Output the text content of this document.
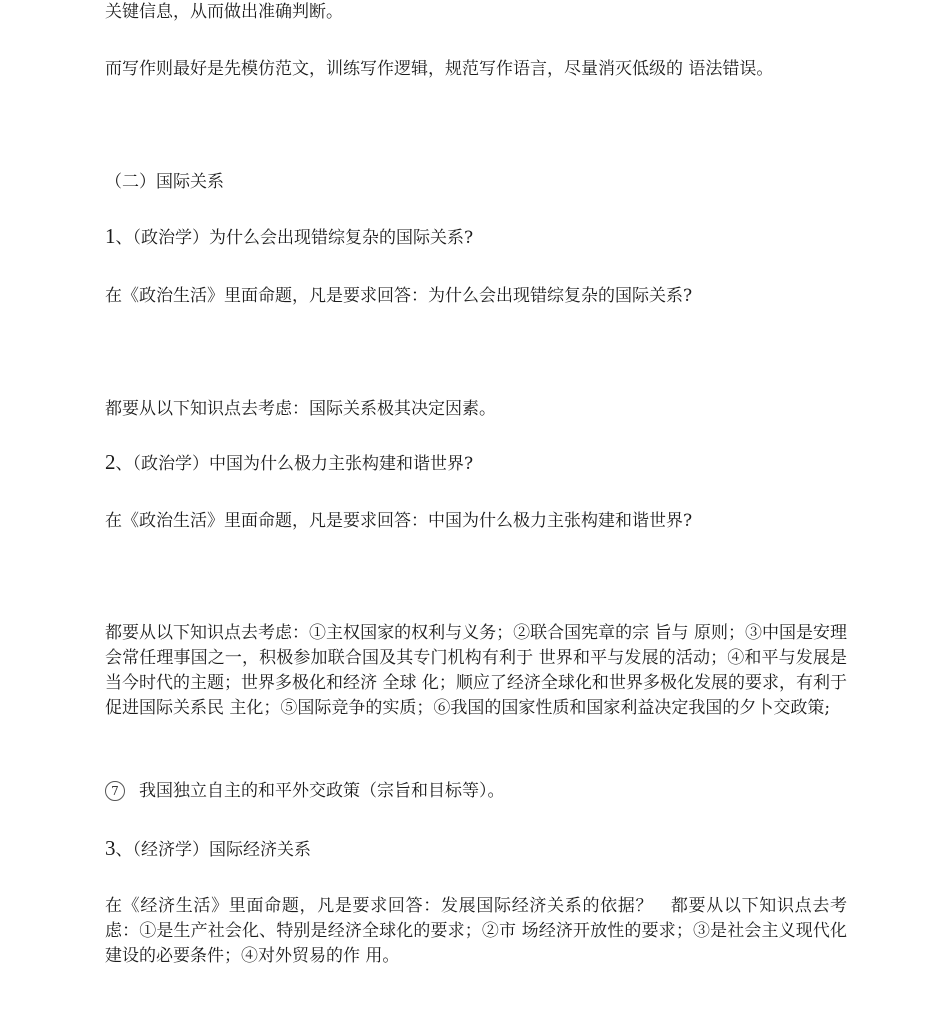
关键信息，从而做出准确判断。
而写作则最好是先模仿范文，训练写作逻辑，规范写作语言，尽量消灭低级的 语法错误。
（二）国际关系
1、（政治学）为什么会出现错综复杂的国际关系?
在《政治生活》里面命题，凡是要求回答：为什么会出现错综复杂的国际关系?
都要从以下知识点去考虑：国际关系极其决定因素。
2、（政治学）中国为什么极力主张构建和谐世界?
在《政治生活》里面命题，凡是要求回答：中国为什么极力主张构建和谐世界?
都要从以下知识点去考虑：①主权国家的权利与义务；②联合国宪章的宗 旨与 原则；③中国是安理会常任理事国之一，积极参加联合国及其专门机构有利于 世界和平与发展的活动；④和平与发展是当今时代的主题；世界多极化和经济 全球 化；顺应了经济全球化和世界多极化发展的要求，有利于促进国际关系民 主化；⑤国际竞争的实质；⑥我国的国家性质和国家利益决定我国的夕卜交政策;
7 我国独立自主的和平外交政策（宗旨和目标等）。
3、（经济学）国际经济关系
在《经济生活》里面命题，凡是要求回答：发展国际经济关系的依据？　都要从以下知识点去考虑：①是生产社会化、特别是经济全球化的要求；②市 场经济开放性的要求；③是社会主义现代化建设的必要条件；④对外贸易的作 用。
